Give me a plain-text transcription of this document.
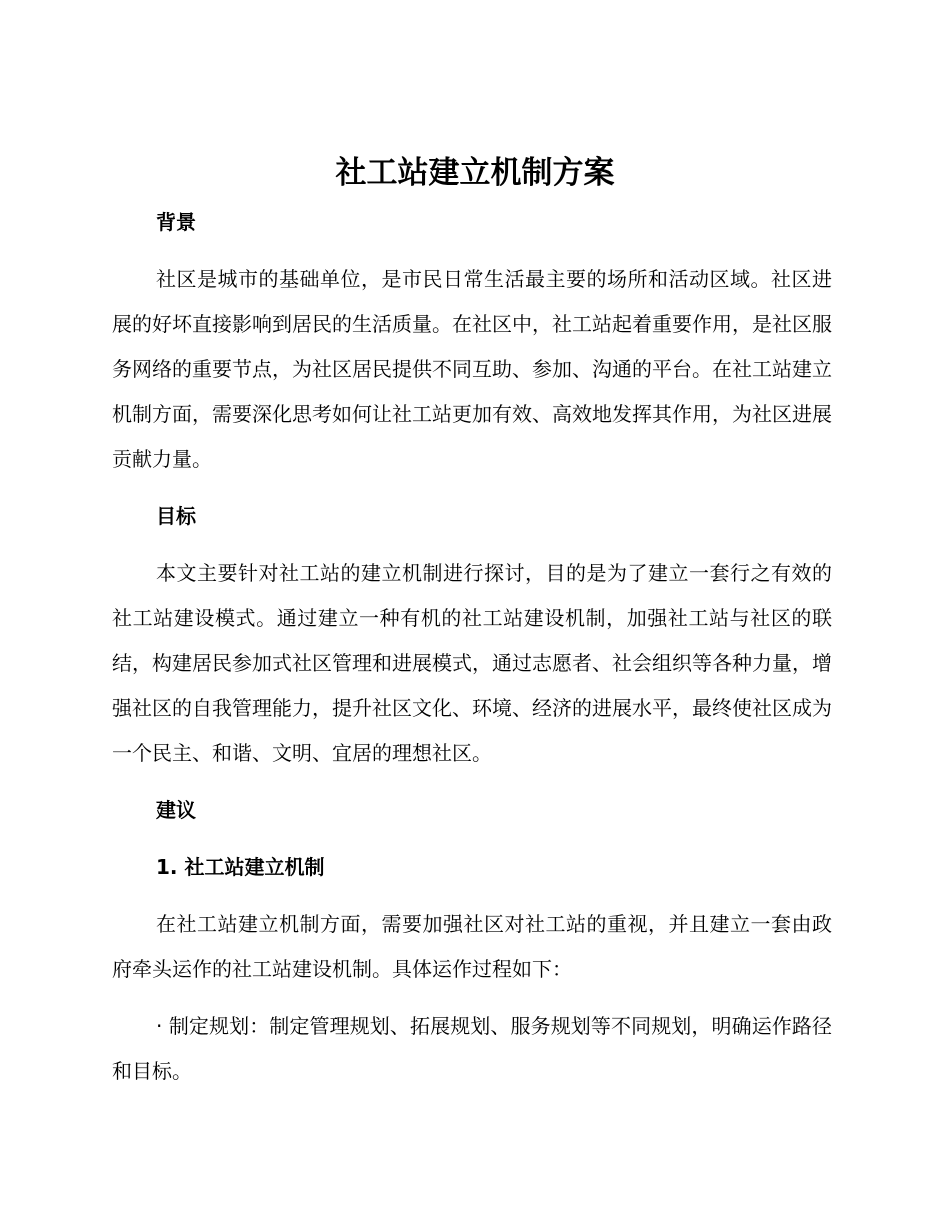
社工站建立机制方案

背景

社区是城市的基础单位，是市民日常生活最主要的场所和活动区域。社区进展的好坏直接影响到居民的生活质量。在社区中，社工站起着重要作用，是社区服务网络的重要节点，为社区居民提供不同互助、参加、沟通的平台。在社工站建立机制方面，需要深化思考如何让社工站更加有效、高效地发挥其作用，为社区进展贡献力量。

目标

本文主要针对社工站的建立机制进行探讨，目的是为了建立一套行之有效的社工站建设模式。通过建立一种有机的社工站建设机制，加强社工站与社区的联结，构建居民参加式社区管理和进展模式，通过志愿者、社会组织等各种力量，增强社区的自我管理能力，提升社区文化、环境、经济的进展水平，最终使社区成为一个民主、和谐、文明、宜居的理想社区。

建议

1. 社工站建立机制

在社工站建立机制方面，需要加强社区对社工站的重视，并且建立一套由政府牵头运作的社工站建设机制。具体运作过程如下：

· 制定规划：制定管理规划、拓展规划、服务规划等不同规划，明确运作路径和目标。
